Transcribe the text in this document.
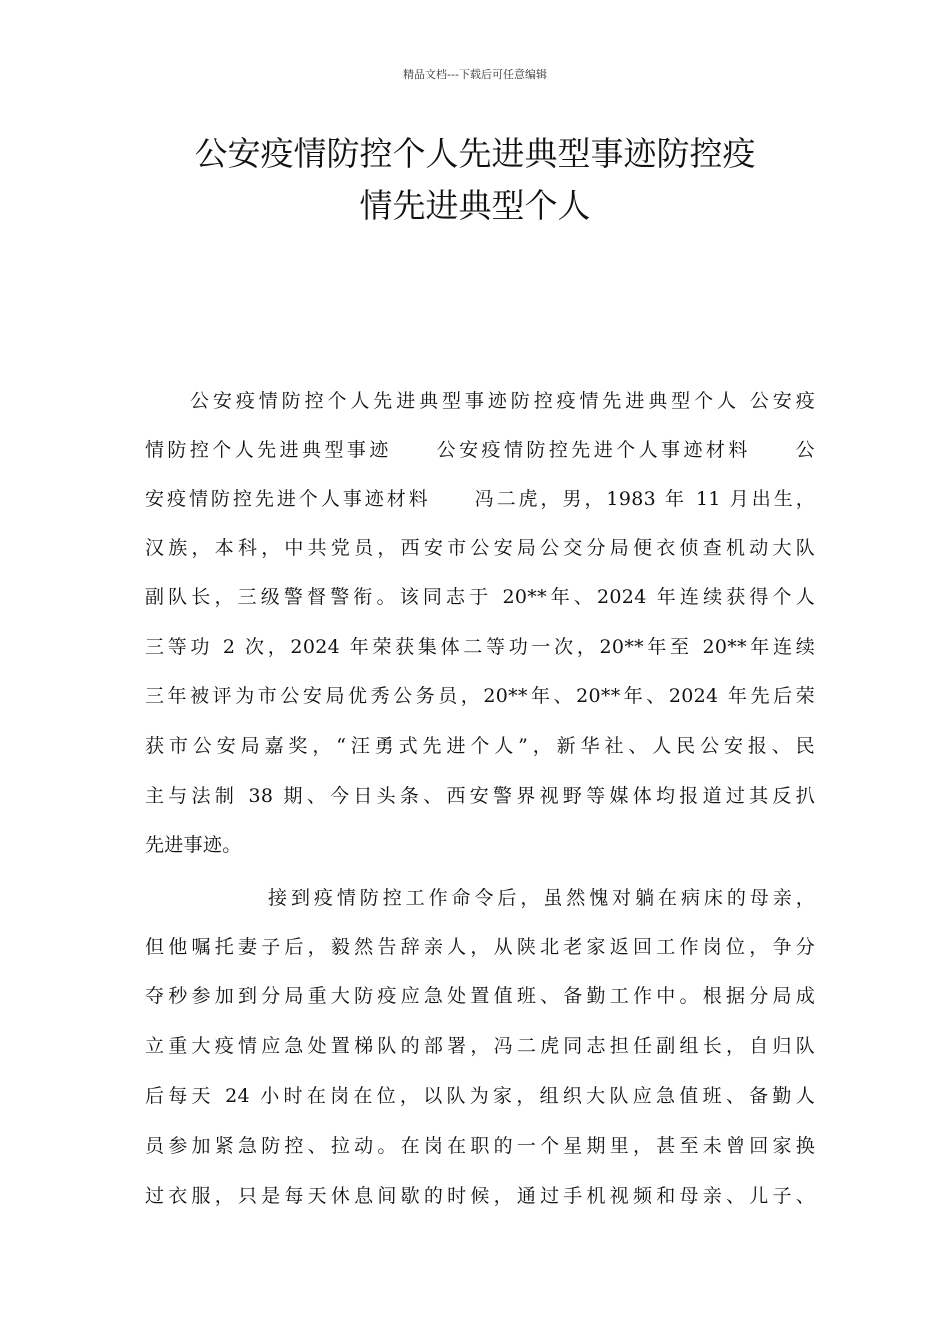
精品文档---下载后可任意编辑
公安疫情防控个人先进典型事迹防控疫
情先进典型个人
公安疫情防控个人先进典型事迹防控疫情先进典型个人 公安疫
情防控个人先进典型事迹　　公安疫情防控先进个人事迹材料　　公
安疫情防控先进个人事迹材料　　冯二虎，男，1983 年 11 月出生，
汉族，本科，中共党员，西安市公安局公交分局便衣侦查机动大队
副队长，三级警督警衔。该同志于 20**年、2024 年连续获得个人
三等功 2 次，2024 年荣获集体二等功一次，20**年至 20**年连续
三年被评为市公安局优秀公务员，20**年、20**年、2024 年先后荣
获市公安局嘉奖，“汪勇式先进个人”，新华社、人民公安报、民
主与法制 38 期、今日头条、西安警界视野等媒体均报道过其反扒
先进事迹。
接到疫情防控工作命令后，虽然愧对躺在病床的母亲，
但他嘱托妻子后，毅然告辞亲人，从陕北老家返回工作岗位，争分
夺秒参加到分局重大防疫应急处置值班、备勤工作中。根据分局成
立重大疫情应急处置梯队的部署，冯二虎同志担任副组长，自归队
后每天 24 小时在岗在位，以队为家，组织大队应急值班、备勤人
员参加紧急防控、拉动。在岗在职的一个星期里，甚至未曾回家换
过衣服，只是每天休息间歇的时候，通过手机视频和母亲、儿子、
